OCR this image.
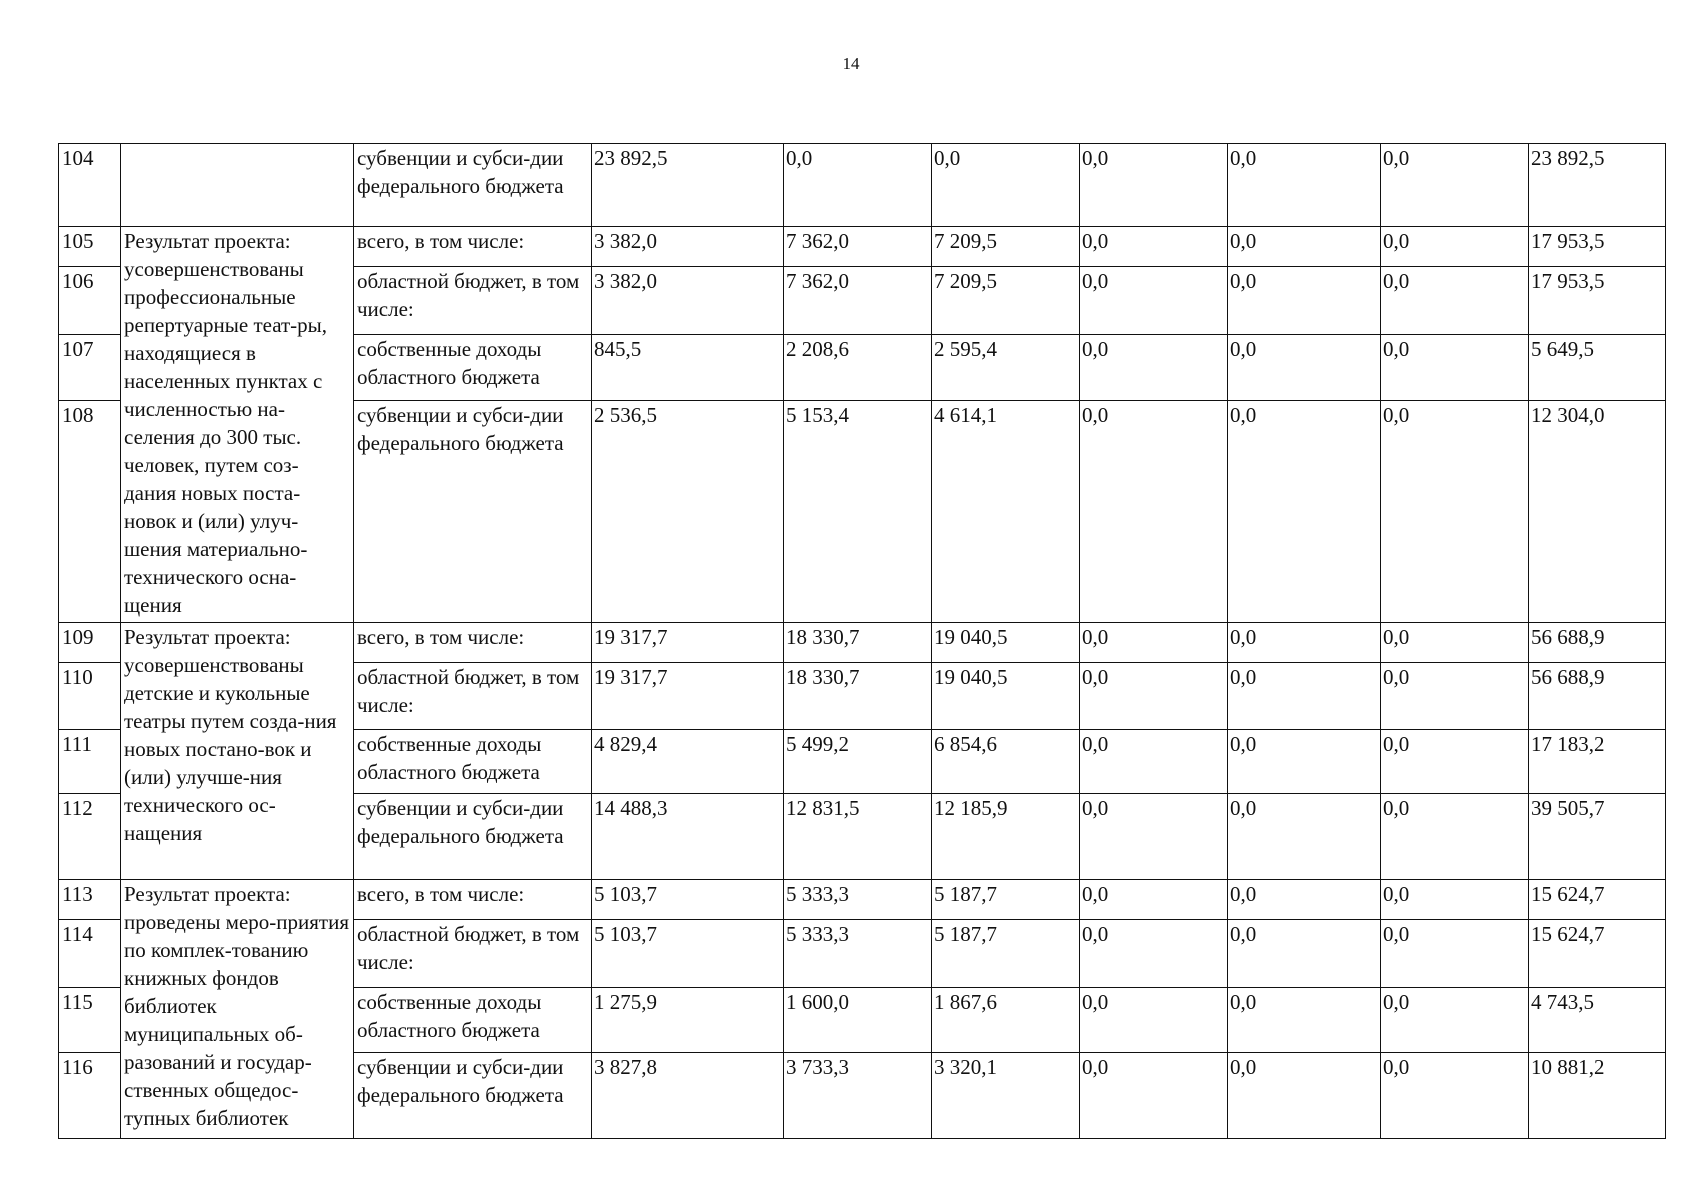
14
104		субвенции и субси-дии федерального бюджета	23 892,5	0,0	0,0	0,0	0,0	0,0	23 892,5
105	Результат проекта: усовершенствованы профессиональные репертуарные теат-ры, находящиеся в населенных пунктах с численностью на-селения до 300 тыс. человек, путем соз-дания новых поста-новок и (или) улуч-шения материально-технического осна-щения	всего, в том числе:	3 382,0	7 362,0	7 209,5	0,0	0,0	0,0	17 953,5
106		областной бюджет, в том числе:	3 382,0	7 362,0	7 209,5	0,0	0,0	0,0	17 953,5
107		собственные доходы областного бюджета	845,5	2 208,6	2 595,4	0,0	0,0	0,0	5 649,5
108		субвенции и субси-дии федерального бюджета	2 536,5	5 153,4	4 614,1	0,0	0,0	0,0	12 304,0
109	Результат проекта: усовершенствованы детские и кукольные театры путем созда-ния новых постано-вок и (или) улучше-ния технического ос-нащения	всего, в том числе:	19 317,7	18 330,7	19 040,5	0,0	0,0	0,0	56 688,9
110		областной бюджет, в том числе:	19 317,7	18 330,7	19 040,5	0,0	0,0	0,0	56 688,9
111		собственные доходы областного бюджета	4 829,4	5 499,2	6 854,6	0,0	0,0	0,0	17 183,2
112		субвенции и субси-дии федерального бюджета	14 488,3	12 831,5	12 185,9	0,0	0,0	0,0	39 505,7
113	Результат проекта: проведены меро-приятия по комплек-тованию книжных фондов библиотек муниципальных об-разований и государ-ственных общедос-тупных библиотек	всего, в том числе:	5 103,7	5 333,3	5 187,7	0,0	0,0	0,0	15 624,7
114		областной бюджет, в том числе:	5 103,7	5 333,3	5 187,7	0,0	0,0	0,0	15 624,7
115		собственные доходы областного бюджета	1 275,9	1 600,0	1 867,6	0,0	0,0	0,0	4 743,5
116		субвенции и субси-дии федерального бюджета	3 827,8	3 733,3	3 320,1	0,0	0,0	0,0	10 881,2
